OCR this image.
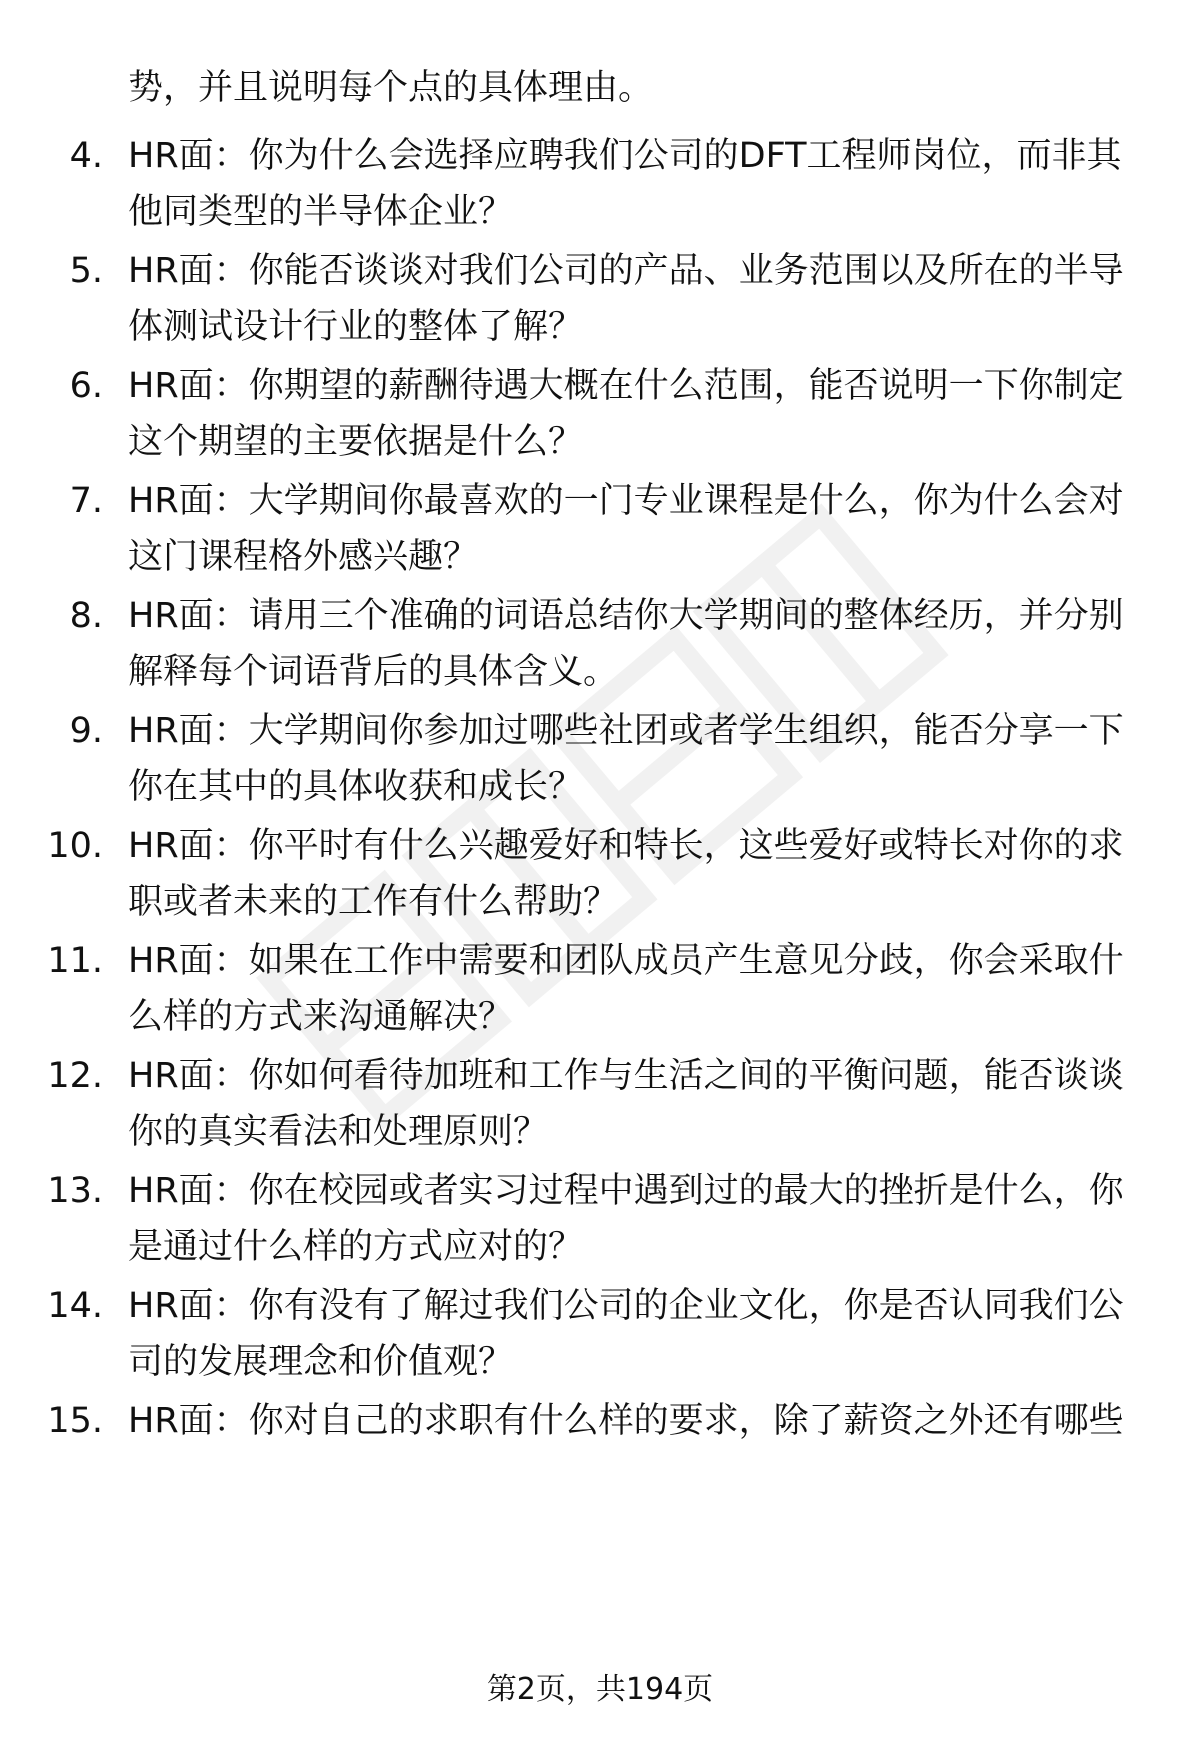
势，并且说明每个点的具体理由。
4. HR面：你为什么会选择应聘我们公司的DFT工程师岗位，而非其
他同类型的半导体企业？
5. HR面：你能否谈谈对我们公司的产品、业务范围以及所在的半导
体测试设计行业的整体了解？
6. HR面：你期望的薪酬待遇大概在什么范围，能否说明一下你制定
这个期望的主要依据是什么？
7. HR面：大学期间你最喜欢的一门专业课程是什么，你为什么会对
这门课程格外感兴趣？
8. HR面：请用三个准确的词语总结你大学期间的整体经历，并分别
解释每个词语背后的具体含义。
9. HR面：大学期间你参加过哪些社团或者学生组织，能否分享一下
你在其中的具体收获和成长？
10. HR面：你平时有什么兴趣爱好和特长，这些爱好或特长对你的求
职或者未来的工作有什么帮助？
11. HR面：如果在工作中需要和团队成员产生意见分歧，你会采取什
么样的方式来沟通解决？
12. HR面：你如何看待加班和工作与生活之间的平衡问题，能否谈谈
你的真实看法和处理原则？
13. HR面：你在校园或者实习过程中遇到过的最大的挫折是什么，你
是通过什么样的方式应对的？
14. HR面：你有没有了解过我们公司的企业文化，你是否认同我们公
司的发展理念和价值观？
15. HR面：你对自己的求职有什么样的要求，除了薪资之外还有哪些
第2页，共194页
